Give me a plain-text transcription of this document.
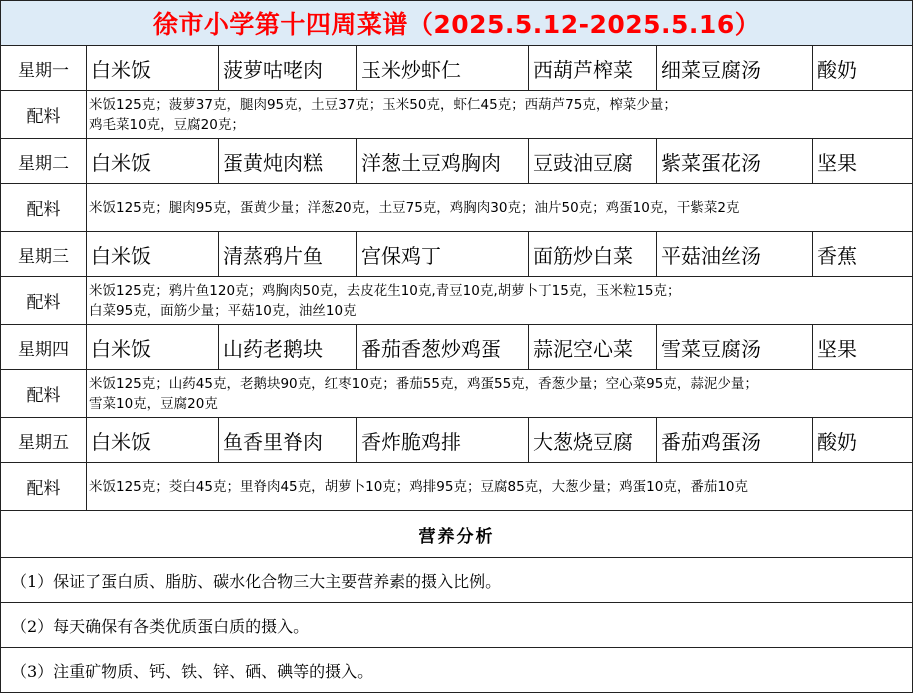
徐市小学第十四周菜谱（2025.5.12-2025.5.16）						
星期一	白米饭	菠萝咕咾肉	玉米炒虾仁	西葫芦榨菜	细菜豆腐汤	酸奶
配料	米饭125克；菠萝37克，腿肉95克，土豆37克；玉米50克，虾仁45克；西葫芦75克，榨菜少量；
鸡毛菜10克，豆腐20克；					

星期二	白米饭	蛋黄炖肉糕	洋葱土豆鸡胸肉	豆豉油豆腐	紫菜蛋花汤	坚果
配料	米饭125克；腿肉95克，蛋黄少量；洋葱20克，土豆75克，鸡胸肉30克；油片50克；鸡蛋10克，干紫菜2克					

星期三	白米饭	清蒸鸦片鱼	宫保鸡丁	面筋炒白菜	平菇油丝汤	香蕉
配料	米饭125克；鸦片鱼120克；鸡胸肉50克，去皮花生10克,青豆10克,胡萝卜丁15克，玉米粒15克；
白菜95克，面筋少量；平菇10克，油丝10克					

星期四	白米饭	山药老鹅块	番茄香葱炒鸡蛋	蒜泥空心菜	雪菜豆腐汤	坚果
配料	米饭125克；山药45克，老鹅块90克，红枣10克；番茄55克，鸡蛋55克，香葱少量；空心菜95克，蒜泥少量；
雪菜10克，豆腐20克					

星期五	白米饭	鱼香里脊肉	香炸脆鸡排	大葱烧豆腐	番茄鸡蛋汤	酸奶
配料	米饭125克；茭白45克；里脊肉45克，胡萝卜10克；鸡排95克；豆腐85克，大葱少量；鸡蛋10克，番茄10克					

营养分析						
（1）保证了蛋白质、脂肪、碳水化合物三大主要营养素的摄入比例。						
（2）每天确保有各类优质蛋白质的摄入。						
（3）注重矿物质、钙、铁、锌、硒、碘等的摄入。						
